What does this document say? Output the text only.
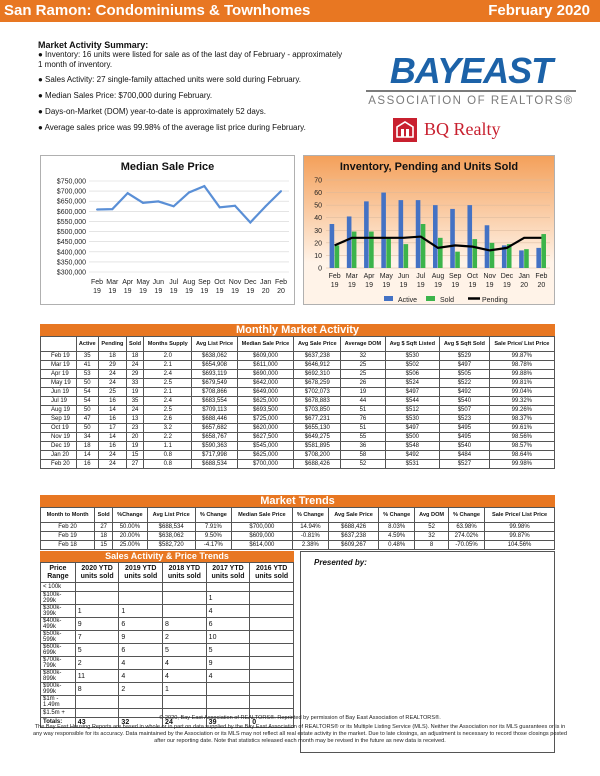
San Ramon: Condominiums & Townhomes	February 2020
Market Activity Summary:
● Inventory: 16 units were listed for sale as of the last day of February - approximately 1 month of inventory.
● Sales Activity: 27 single-family attached units were sold during February.
● Median Sales Price: $700,000 during February.
● Days-on-Market (DOM) year-to-date is approximately 52 days.
● Average sales price was 99.98% of the average list price during February.
BAYEAST
ASSOCIATION OF REALTORS®
BQ Realty
Median Sale Price
$750,000
$700,000
$650,000
$600,000
$550,000
$500,000
$450,000
$400,000
$350,000
$300,000
Feb
19
Mar
19
Apr
19
May
19
Jun
19
Jul
19
Aug
19
Sep
19
Oct
19
Nov
19
Dec
19
Jan
20
Feb
20
Inventory, Pending and Units Sold
0
10
20
30
40
50
60
70
Feb
19
Mar
19
Apr
19
May
19
Jun
19
Jul
19
Aug
19
Sep
19
Oct
19
Nov
19
Dec
19
Jan
20
Feb
20
Active	Sold	Pending
Monthly Market Activity
	Active	Pending	Sold	Months Supply	Avg List Price	Median Sale Price	Avg Sale Price	Average DOM	Avg $ Sqft Listed	Avg $ Sqft Sold	Sale Price/ List Price
Feb 19	35	18	18	2.0	$638,062	$609,000	$637,238	32	$530	$529	99.87%
Mar 19	41	29	24	2.1	$654,908	$611,000	$646,912	25	$502	$497	98.78%
Apr 19	53	24	29	2.4	$693,119	$690,000	$692,310	25	$506	$505	99.88%
May 19	50	24	33	2.5	$679,549	$642,000	$678,259	26	$524	$522	99.81%
Jun 19	54	25	19	2.1	$708,866	$649,000	$702,073	19	$497	$492	99.04%
Jul 19	54	16	35	2.4	$683,554	$625,000	$678,883	44	$544	$540	99.32%
Aug 19	50	14	24	2.5	$709,113	$693,500	$703,850	51	$512	$507	99.26%
Sep 19	47	16	13	2.6	$688,446	$725,000	$677,231	76	$530	$523	98.37%
Oct 19	50	17	23	3.2	$657,682	$620,000	$655,130	51	$497	$495	99.61%
Nov 19	34	14	20	2.2	$658,767	$627,500	$649,275	55	$500	$495	98.56%
Dec 19	18	16	19	1.1	$590,363	$545,000	$581,895	36	$548	$540	98.57%
Jan 20	14	24	15	0.8	$717,998	$625,000	$708,200	58	$492	$484	98.64%
Feb 20	16	24	27	0.8	$688,534	$700,000	$688,426	52	$531	$527	99.98%
Market Trends
Month to Month	Sold	%Change	Avg List Price	% Change	Median Sale Price	% Change	Avg Sale Price	% Change	Avg DOM	% Change	Sale Price/ List Price
Feb 20	27	50.00%	$688,534	7.91%	$700,000	14.94%	$688,426	8.03%	52	63.98%	99.98%
Feb 19	18	20.00%	$638,062	9.50%	$609,000	-0.81%	$637,238	4.59%	32	274.02%	99.87%
Feb 18	15	25.00%	$582,720	-4.17%	$614,000	2.38%	$609,267	0.48%	8	-70.05%	104.56%
Sales Activity & Price Trends
Price Range	2020 YTD units sold	2019 YTD units sold	2018 YTD units sold	2017 YTD units sold	2016 YTD units sold
< 100k					
$100k-299k				1	
$300k-399k	1	1		4	
$400k-499k	9	6	8	6	
$500k-599k	7	9	2	10	
$600k-699k	5	6	5	5	
$700k-799k	2	4	4	9	
$800k-899k	11	4	4	4	
$900k-999k	8	2	1		
$1m - 1.49m					
$1.5m +					
Totals:	43	32	24	39	0
Presented by:
© 2020, Bay East Association of REALTORS®. Reprinted by permission of Bay East Association of REALTORS®.
The Bay East Housing Reports are based in whole or in part on data supplied by the Bay East Association of REALTORS® or its Multiple Listing Service (MLS). Neither the Association nor its MLS guarantees or is in any way responsible for its accuracy. Data maintained by the Association or its MLS may not reflect all real estate activity in the market. Due to late closings, an adjustment is necessary to record those closings posted after our reporting date. Note that statistics released each month may be revised in the future as new data is received.
